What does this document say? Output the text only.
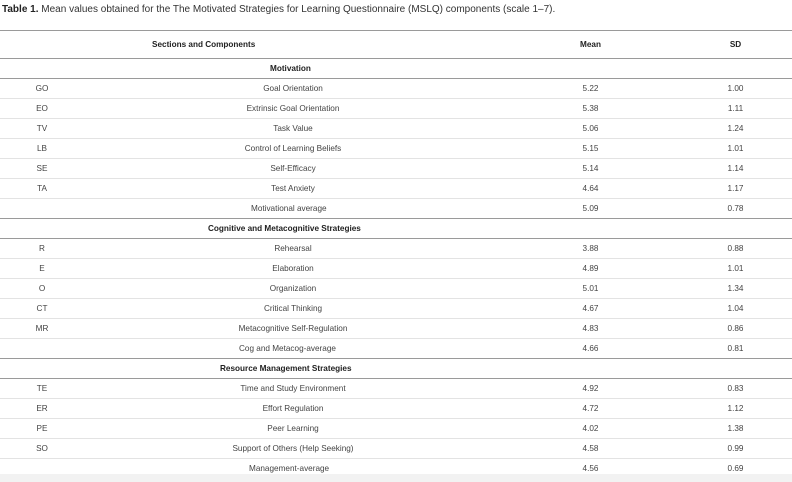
Table 1. Mean values obtained for the The Motivated Strategies for Learning Questionnaire (MSLQ) components (scale 1–7).
Sections and Components		Mean	SD
	Motivation		
GO	Goal Orientation	5.22	1.00
EO	Extrinsic Goal Orientation	5.38	1.11
TV	Task Value	5.06	1.24
LB	Control of Learning Beliefs	5.15	1.01
SE	Self-Efficacy	5.14	1.14
TA	Test Anxiety	4.64	1.17
	Motivational average	5.09	0.78
	Cognitive and Metacognitive Strategies		
R	Rehearsal	3.88	0.88
E	Elaboration	4.89	1.01
O	Organization	5.01	1.34
CT	Critical Thinking	4.67	1.04
MR	Metacognitive Self-Regulation	4.83	0.86
	Cog and Metacog-average	4.66	0.81
	Resource Management Strategies		
TE	Time and Study Environment	4.92	0.83
ER	Effort Regulation	4.72	1.12
PE	Peer Learning	4.02	1.38
SO	Support of Others (Help Seeking)	4.58	0.99
	Management-average	4.56	0.69
